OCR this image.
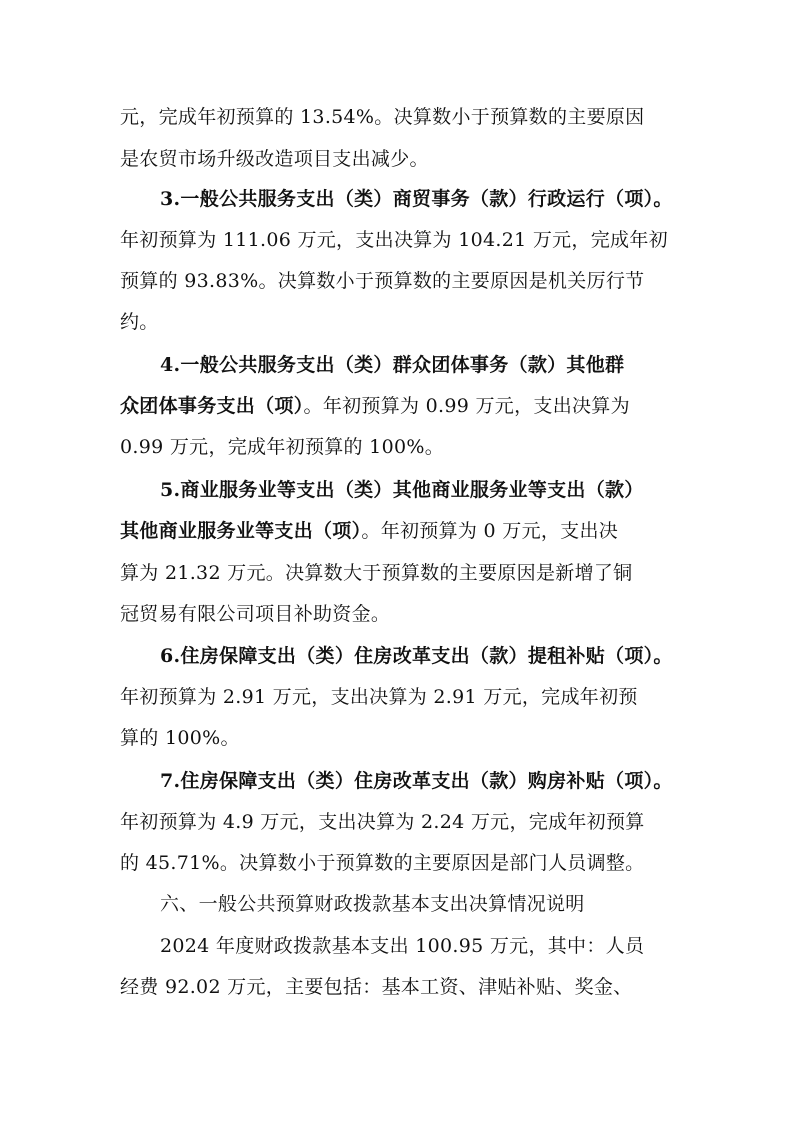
元，完成年初预算的 13.54%。决算数小于预算数的主要原因
是农贸市场升级改造项目支出减少。
3.一般公共服务支出（类）商贸事务（款）行政运行（项）。
年初预算为 111.06 万元，支出决算为 104.21 万元，完成年初
预算的 93.83%。决算数小于预算数的主要原因是机关厉行节
约。
4.一般公共服务支出（类）群众团体事务（款）其他群
众团体事务支出（项）。年初预算为 0.99 万元，支出决算为
0.99 万元，完成年初预算的 100%。
5.商业服务业等支出（类）其他商业服务业等支出（款）
其他商业服务业等支出（项）。年初预算为 0 万元，支出决
算为 21.32 万元。决算数大于预算数的主要原因是新增了铜
冠贸易有限公司项目补助资金。
6.住房保障支出（类）住房改革支出（款）提租补贴（项）。
年初预算为 2.91 万元，支出决算为 2.91 万元，完成年初预
算的 100%。
7.住房保障支出（类）住房改革支出（款）购房补贴（项）。
年初预算为 4.9 万元，支出决算为 2.24 万元，完成年初预算
的 45.71%。决算数小于预算数的主要原因是部门人员调整。
六、一般公共预算财政拨款基本支出决算情况说明
2024 年度财政拨款基本支出 100.95 万元，其中：人员
经费 92.02 万元，主要包括：基本工资、津贴补贴、奖金、
